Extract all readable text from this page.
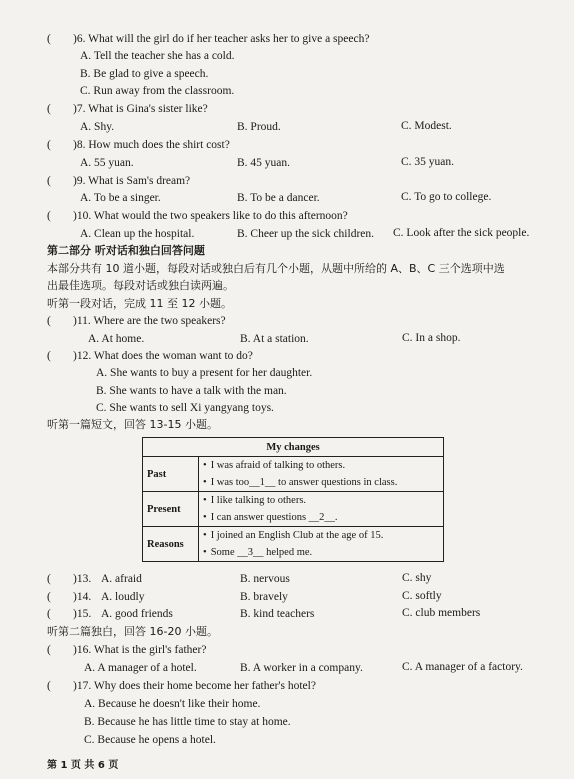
( )6. What will the girl do if her teacher asks her to give a speech?
A. Tell the teacher she has a cold.
B. Be glad to give a speech.
C. Run away from the classroom.
( )7. What is Gina's sister like?
A. Shy.	B. Proud.	C. Modest.
( )8. How much does the shirt cost?
A. 55 yuan.	B. 45 yuan.	C. 35 yuan.
( )9. What is Sam's dream?
A. To be a singer.	B. To be a dancer.	C. To go to college.
( )10. What would the two speakers like to do this afternoon?
A. Clean up the hospital.	B. Cheer up the sick children. C. Look after the sick people.
第二部分 听对话和独白回答问题
本部分共有 10 道小题，每段对话或独白后有几个小题，从题中所给的 A、B、C 三个选项中选
出最佳选项。每段对话或独白读两遍。
听第一段对话，完成 11 至 12 小题。
( )11. Where are the two speakers?
A. At home.	B. At a station.	C. In a shop.
( )12. What does the woman want to do?
A. She wants to buy a present for her daughter.
B. She wants to have a talk with the man.
C. She wants to sell Xi yangyang toys.
听第一篇短文，回答 13-15 小题。
My changes	
Past	• I was afraid of talking to others.
• I was too__1__ to answer questions in class.

Present	• I like talking to others.
• I can answer questions __2__.

Reasons	• I joined an English Club at the age of 15.
• Some __3__ helped me.
( )13. A. afraid	B. nervous	C. shy
( )14. A. loudly	B. bravely	C. softly
( )15. A. good friends	B. kind teachers	C. club members
听第二篇独白，回答 16-20 小题。
( )16. What is the girl's father?
A. A manager of a hotel.	B. A worker in a company.	C. A manager of a factory.
( )17. Why does their home become her father's hotel?
A. Because he doesn't like their home.
B. Because he has little time to stay at home.
C. Because he opens a hotel.
第 1 页 共 6 页
